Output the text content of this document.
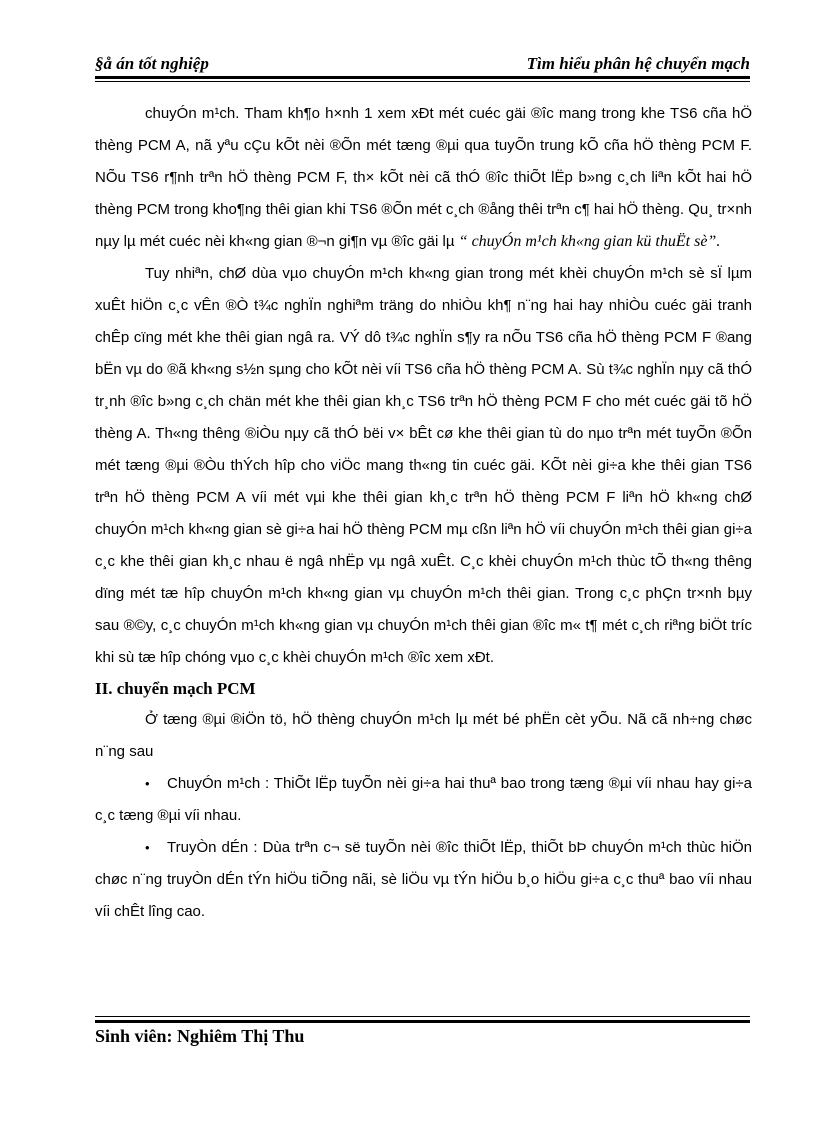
§å án tốt nghiệp	Tìm hiểu phân hệ chuyển mạch

chuyÓn m¹ch. Tham kh¶o h×nh 1 xem xÐt mét cuéc gäi ®îc mang trong khe TS6 cña hÖ thèng PCM A, nã yªu cÇu kÕt nèi ®Õn mét tæng ®µi qua tuyÕn trung kÕ cña hÖ thèng PCM F. NÕu TS6 r¶nh trªn hÖ thèng PCM F, th× kÕt nèi cã thÓ ®îc thiÕt lËp b»ng c¸ch liªn kÕt hai hÖ thèng PCM trong kho¶ng thêi gian khi TS6 ®Õn mét c¸ch ®ång thêi trªn c¶ hai hÖ thèng. Qu¸ tr×nh nµy lµ mét cuéc nèi kh«ng gian ®¬n gi¶n vµ ®îc gäi lµ “ chuyÓn m¹ch kh«ng gian kü thuËt sè”.

Tuy nhiªn, chØ dùa vµo chuyÓn m¹ch kh«ng gian trong mét khèi chuyÓn m¹ch sè sÏ lµm xuÊt hiÖn c¸c vÊn ®Ò t¾c nghÏn nghiªm träng do nhiÒu kh¶ n¨ng hai hay nhiÒu cuéc gäi tranh chÊp cïng mét khe thêi gian ngâ ra. VÝ dô t¾c nghÏn s¶y ra nÕu TS6 cña hÖ thèng PCM F ®ang bËn vµ do ®ã kh«ng s½n sµng cho kÕt nèi víi TS6 cña hÖ thèng PCM A. Sù t¾c nghÏn nµy cã thÓ tr¸nh ®îc b»ng c¸ch chän mét khe thêi gian kh¸c TS6 trªn hÖ thèng PCM F cho mét cuéc gäi tõ hÖ thèng A. Th«ng thêng ®iÒu nµy cã thÓ bëi v× bÊt cø khe thêi gian tù do nµo trªn mét tuyÕn ®Õn mét tæng ®µi ®Òu thÝch hîp cho viÖc mang th«ng tin cuéc gäi. KÕt nèi gi÷a khe thêi gian TS6 trªn hÖ thèng PCM A víi mét vµi khe thêi gian kh¸c trªn hÖ thèng PCM F liªn hÖ kh«ng chØ chuyÓn m¹ch kh«ng gian sè gi÷a hai hÖ thèng PCM mµ cßn liªn hÖ víi chuyÓn m¹ch thêi gian gi÷a c¸c khe thêi gian kh¸c nhau ë ngâ nhËp vµ ngâ xuÊt. C¸c khèi chuyÓn m¹ch thùc tÕ th«ng thêng dïng mét tæ hîp chuyÓn m¹ch kh«ng gian vµ chuyÓn m¹ch thêi gian. Trong c¸c phÇn tr×nh bµy sau ®©y, c¸c chuyÓn m¹ch kh«ng gian vµ chuyÓn m¹ch thêi gian ®îc m« t¶ mét c¸ch riªng biÖt tríc khi sù tæ hîp chóng vµo c¸c khèi chuyÓn m¹ch ®îc xem xÐt.

II. chuyển mạch PCM

Ở tæng ®µi ®iÖn tö, hÖ thèng chuyÓn m¹ch lµ mét bé phËn cèt yÕu. Nã cã nh÷ng chøc n¨ng sau

• ChuyÓn m¹ch : ThiÕt lËp tuyÕn nèi gi÷a hai thuª bao trong tæng ®µi víi nhau hay gi÷a c¸c tæng ®µi víi nhau.

• TruyÒn dÉn : Dùa trªn c¬ së tuyÕn nèi ®îc thiÕt lËp, thiÕt bÞ chuyÓn m¹ch thùc hiÖn chøc n¨ng truyÒn dÉn tÝn hiÖu tiÕng nãi, sè liÖu vµ tÝn hiÖu b¸o hiÖu gi÷a c¸c thuª bao víi nhau víi chÊt lîng cao.

Sinh viên: Nghiêm Thị Thu
